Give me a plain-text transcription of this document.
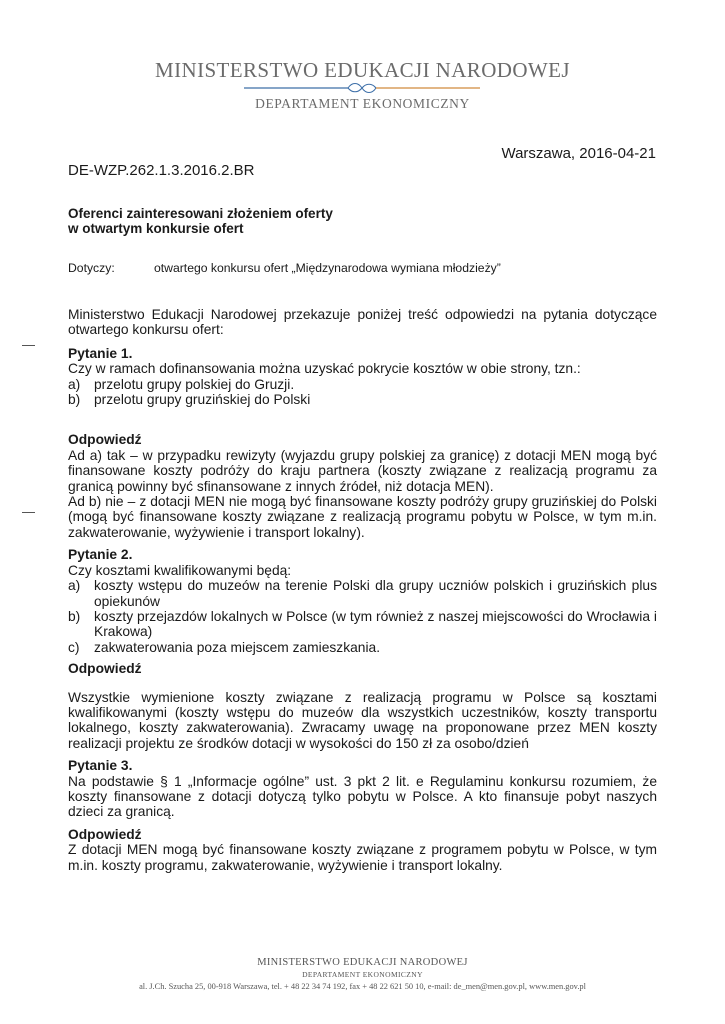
MINISTERSTWO EDUKACJI NARODOWEJ
DEPARTAMENT EKONOMICZNY
Warszawa, 2016-04-21
DE-WZP.262.1.3.2016.2.BR
Oferenci zainteresowani złożeniem oferty
w otwartym konkursie ofert
Dotyczy:	otwartego konkursu ofert „Międzynarodowa wymiana młodzieży”
Ministerstwo Edukacji Narodowej przekazuje poniżej treść odpowiedzi na pytania dotyczące otwartego konkursu ofert:
Pytanie 1.
Czy w ramach dofinansowania można uzyskać pokrycie kosztów w obie strony, tzn.:
a) przelotu grupy polskiej do Gruzji.
b) przelotu grupy gruzińskiej do Polski
Odpowiedź
Ad a) tak – w przypadku rewizyty (wyjazdu grupy polskiej za granicę) z dotacji MEN mogą być finansowane koszty podróży do kraju partnera (koszty związane z realizacją programu za granicą powinny być sfinansowane z innych źródeł, niż dotacja MEN).
Ad b) nie – z dotacji MEN nie mogą być finansowane koszty podróży grupy gruzińskiej do Polski (mogą być finansowane koszty związane z realizacją programu pobytu w Polsce, w tym m.in. zakwaterowanie, wyżywienie i transport lokalny).
Pytanie 2.
Czy kosztami kwalifikowanymi będą:
a) koszty wstępu do muzeów na terenie Polski dla grupy uczniów polskich i gruzińskich plus opiekunów
b) koszty przejazdów lokalnych w Polsce (w tym również z naszej miejscowości do Wrocławia i Krakowa)
c)	zakwaterowania poza miejscem zamieszkania.
Odpowiedź
Wszystkie wymienione koszty związane z realizacją programu w Polsce są kosztami kwalifikowanymi (koszty wstępu do muzeów dla wszystkich uczestników, koszty transportu lokalnego, koszty zakwaterowania). Zwracamy uwagę na proponowane przez MEN koszty realizacji projektu ze środków dotacji w wysokości do 150 zł za osobo/dzień
Pytanie 3.
Na podstawie § 1 „Informacje ogólne” ust. 3 pkt 2 lit. e Regulaminu konkursu rozumiem, że koszty finansowane z dotacji dotyczą tylko pobytu w Polsce. A kto finansuje pobyt naszych dzieci za granicą.
Odpowiedź
Z dotacji MEN mogą być finansowane koszty związane z programem pobytu w Polsce, w tym m.in. koszty programu, zakwaterowanie, wyżywienie i transport lokalny.
MINISTERSTWO EDUKACJI NARODOWEJ
DEPARTAMENT EKONOMICZNY
al. J.Ch. Szucha 25, 00-918 Warszawa, tel. + 48 22 34 74 192, fax + 48 22 621 50 10, e-mail: de_men@men.gov.pl, www.men.gov.pl
